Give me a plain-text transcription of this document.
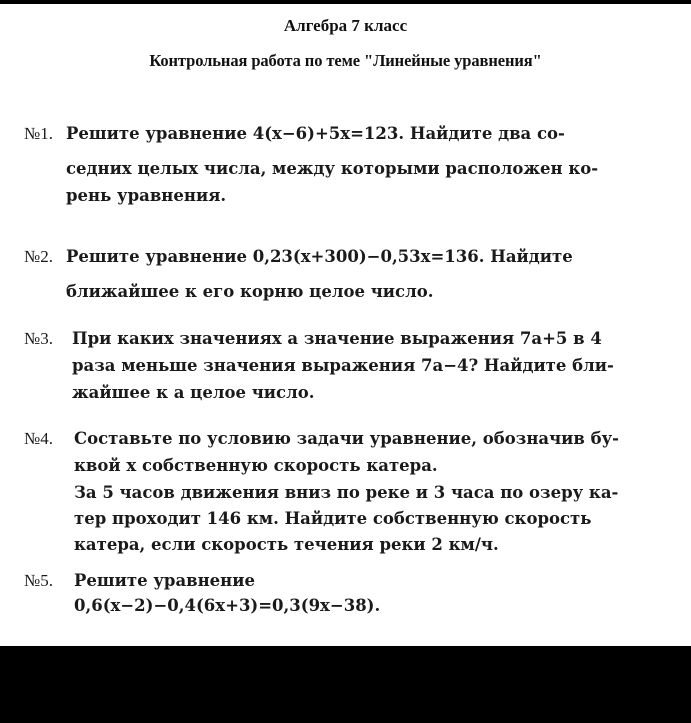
Алгебра 7 класс
Контрольная работа по теме "Линейные уравнения"
№1. Решите уравнение 4(x−6)+5x=123. Найдите два со-
седних целых числа, между которыми расположен ко-
рень уравнения.
№2. Решите уравнение 0,23(x+300)−0,53x=136. Найдите
ближайшее к его корню целое число.
№3. При каких значениях a значение выражения 7a+5 в 4
раза меньше значения выражения 7a−4? Найдите бли-
жайшее к a целое число.
№4. Составьте по условию задачи уравнение, обозначив бу-
квой x собственную скорость катера.
За 5 часов движения вниз по реке и 3 часа по озеру ка-
тер проходит 146 км. Найдите собственную скорость
катера, если скорость течения реки 2 км/ч.
№5. Решите уравнение
0,6(x−2)−0,4(6x+3)=0,3(9x−38).
